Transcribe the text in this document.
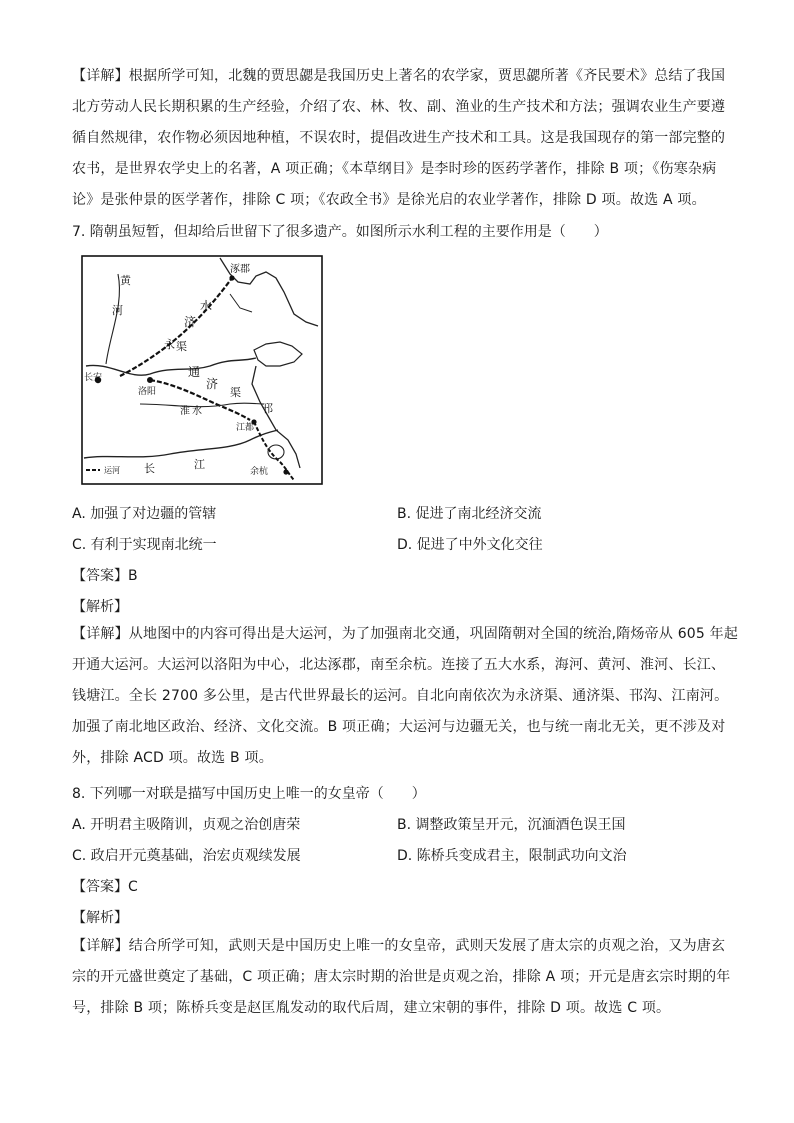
【详解】根据所学可知，北魏的贾思勰是我国历史上著名的农学家，贾思勰所著《齐民要术》总结了我国
北方劳动人民长期积累的生产经验，介绍了农、林、牧、副、渔业的生产技术和方法；强调农业生产要遵
循自然规律，农作物必须因地种植，不误农时，提倡改进生产技术和工具。这是我国现存的第一部完整的
农书，是世界农学史上的名著，A 项正确；《本草纲目》是李时珍的医药学著作，排除 B 项；《伤寒杂病
论》是张仲景的医学著作，排除 C 项；《农政全书》是徐光启的农业学著作，排除 D 项。故选 A 项。

7. 隋朝虽短暂，但却给后世留下了很多遗产。如图所示水利工程的主要作用是（　　）
涿郡
水
济
永 渠
河
黄
长安
洛阳
通
济
渠
淮 水	邗
江都
长	江
余杭
运河
A. 加强了对边疆的管辖	B. 促进了南北经济交流
C. 有利于实现南北统一	D. 促进了中外文化交往
【答案】B
【解析】

【详解】从地图中的内容可得出是大运河，为了加强南北交通，巩固隋朝对全国的统治,隋炀帝从 605 年起
开通大运河。大运河以洛阳为中心，北达涿郡，南至余杭。连接了五大水系，海河、黄河、淮河、长江、
钱塘江。全长 2700 多公里，是古代世界最长的运河。自北向南依次为永济渠、通济渠、邗沟、江南河。
加强了南北地区政治、经济、文化交流。B 项正确；大运河与边疆无关，也与统一南北无关，更不涉及对
外，排除 ACD 项。故选 B 项。

8. 下列哪一对联是描写中国历史上唯一的女皇帝（　　）
A. 开明君主吸隋训，贞观之治创唐荣	B. 调整政策呈开元，沉湎酒色误王国
C. 政启开元奠基础，治宏贞观续发展	D. 陈桥兵变成君主，限制武功向文治
【答案】C
【解析】

【详解】结合所学可知，武则天是中国历史上唯一的女皇帝，武则天发展了唐太宗的贞观之治，又为唐玄
宗的开元盛世奠定了基础，C 项正确；唐太宗时期的治世是贞观之治，排除 A 项；开元是唐玄宗时期的年
号，排除 B 项；陈桥兵变是赵匡胤发动的取代后周，建立宋朝的事件，排除 D 项。故选 C 项。
